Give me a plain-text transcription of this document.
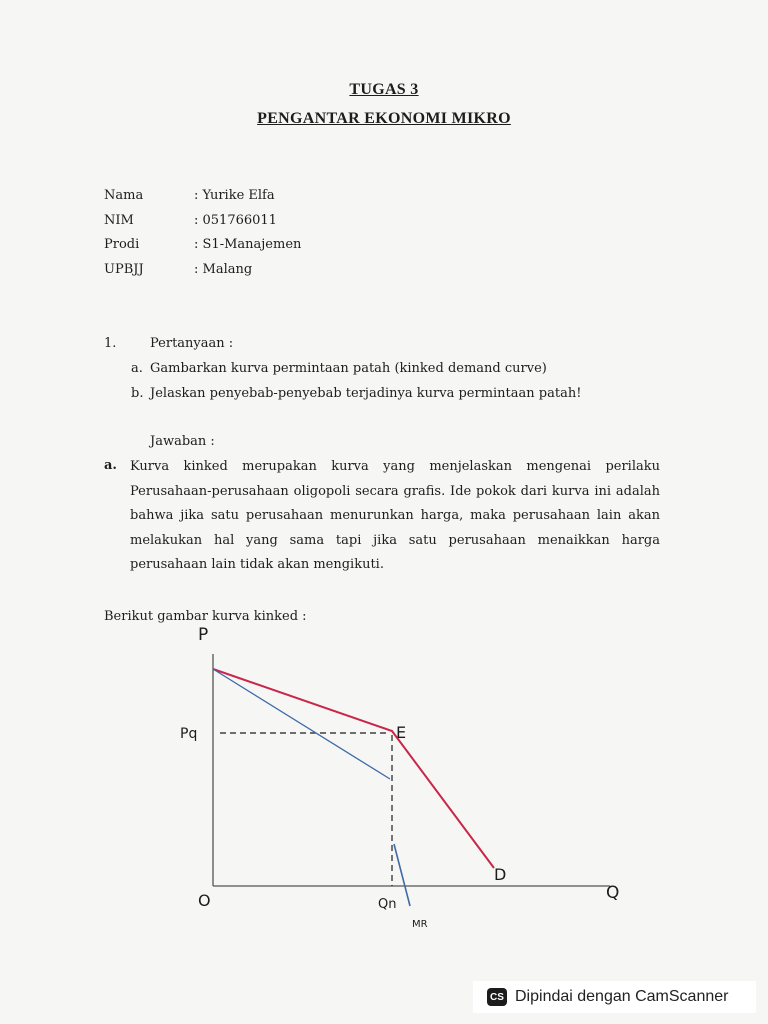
TUGAS 3
PENGANTAR EKONOMI MIKRO
Nama	: Yurike Elfa
NIM	: 051766011
Prodi	: S1-Manajemen
UPBJJ	: Malang
1.	Pertanyaan :
a. Gambarkan kurva permintaan patah (kinked demand curve)
b. Jelaskan penyebab-penyebab terjadinya kurva permintaan patah!
Jawaban :
a. Kurva kinked merupakan kurva yang menjelaskan mengenai perilaku Perusahaan-perusahaan oligopoli secara grafis. Ide pokok dari kurva ini adalah bahwa jika satu perusahaan menurunkan harga, maka perusahaan lain akan melakukan hal yang sama tapi jika satu perusahaan menaikkan harga perusahaan lain tidak akan mengikuti.
Berikut gambar kurva kinked :
P
Pq	E
D
O	Qn
Q
MR
CS Dipindai dengan CamScanner
